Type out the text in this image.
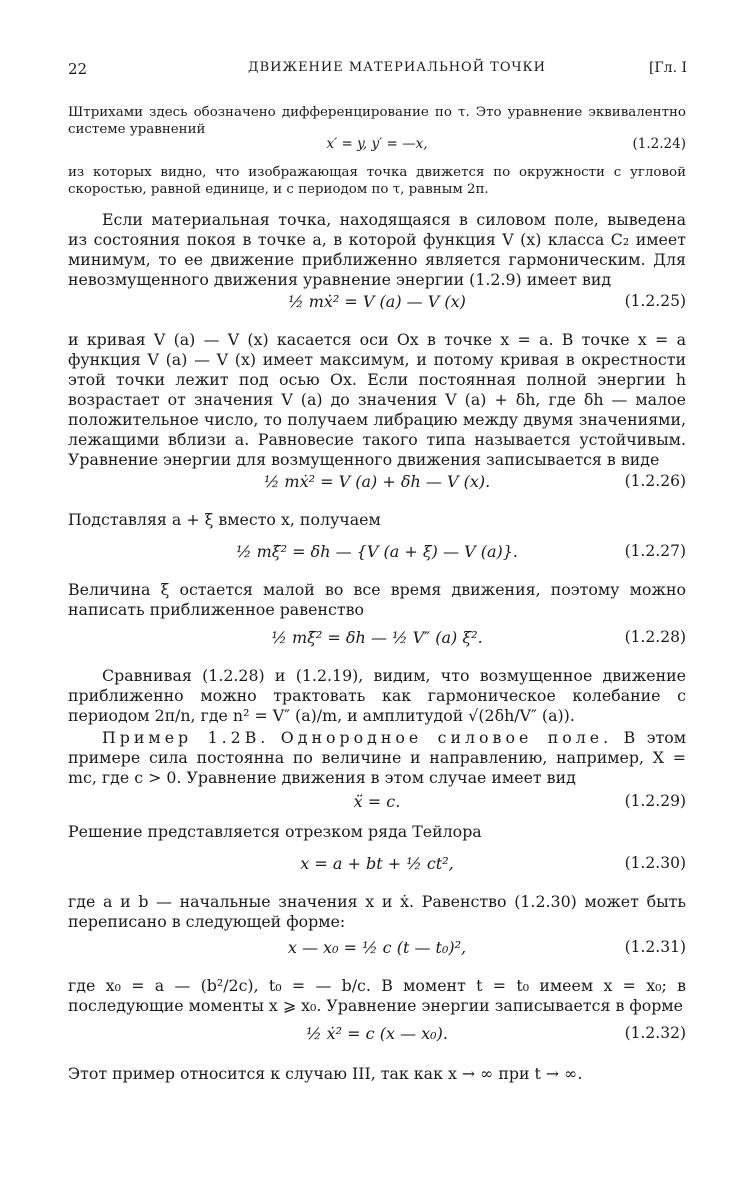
22	ДВИЖЕНИЕ МАТЕРИАЛЬНОЙ ТОЧКИ	[Гл. I
Штрихами здесь обозначено дифференцирование по τ. Это уравнение эквивалентно системе уравнений
x′ = y, y′ = —x,	(1.2.24)
из которых видно, что изображающая точка движется по окружности с угловой скоростью, равной единице, и с периодом по τ, равным 2π.
Если материальная точка, находящаяся в силовом поле, выведена из состояния покоя в точке a, в которой функция V (x) класса C₂ имеет минимум, то ее движение приближенно является гармоническим. Для невозмущенного движения уравнение энергии (1.2.9) имеет вид
½ mẋ² = V (a) — V (x)	(1.2.25)
и кривая V (a) — V (x) касается оси Ox в точке x = a. В точке x = a функция V (a) — V (x) имеет максимум, и потому кривая в окрестности этой точки лежит под осью Ox. Если постоянная полной энергии h возрастает от значения V (a) до значения V (a) + δh, где δh — малое положительное число, то получаем либрацию между двумя значениями, лежащими вблизи a. Равновесие такого типа называется устойчивым. Уравнение энергии для возмущенного движения записывается в виде
½ mẋ² = V (a) + δh — V (x).	(1.2.26)
Подставляя a + ξ вместо x, получаем
½ mξ̇² = δh — {V (a + ξ) — V (a)}.	(1.2.27)
Величина ξ остается малой во все время движения, поэтому можно написать приближенное равенство
½ mξ̇² = δh — ½ V″ (a) ξ².	(1.2.28)
Сравнивая (1.2.28) и (1.2.19), видим, что возмущенное движение приближенно можно трактовать как гармоническое колебание с периодом 2π/n, где n² = V″ (a)/m, и амплитудой √(2δh/V″ (a)).
Пример 1.2В. Однородное силовое поле. В этом примере сила постоянна по величине и направлению, например, X = mc, где c > 0. Уравнение движения в этом случае имеет вид
ẍ = c.	(1.2.29)
Решение представляется отрезком ряда Тейлора
x = a + bt + ½ ct²,	(1.2.30)
где a и b — начальные значения x и ẋ. Равенство (1.2.30) может быть переписано в следующей форме:
x — x₀ = ½ c (t — t₀)²,	(1.2.31)
где x₀ = a — (b²/2c), t₀ = — b/c. В момент t = t₀ имеем x = x₀; в последующие моменты x ⩾ x₀. Уравнение энергии записывается в форме
½ ẋ² = c (x — x₀).	(1.2.32)
Этот пример относится к случаю III, так как x → ∞ при t → ∞.
